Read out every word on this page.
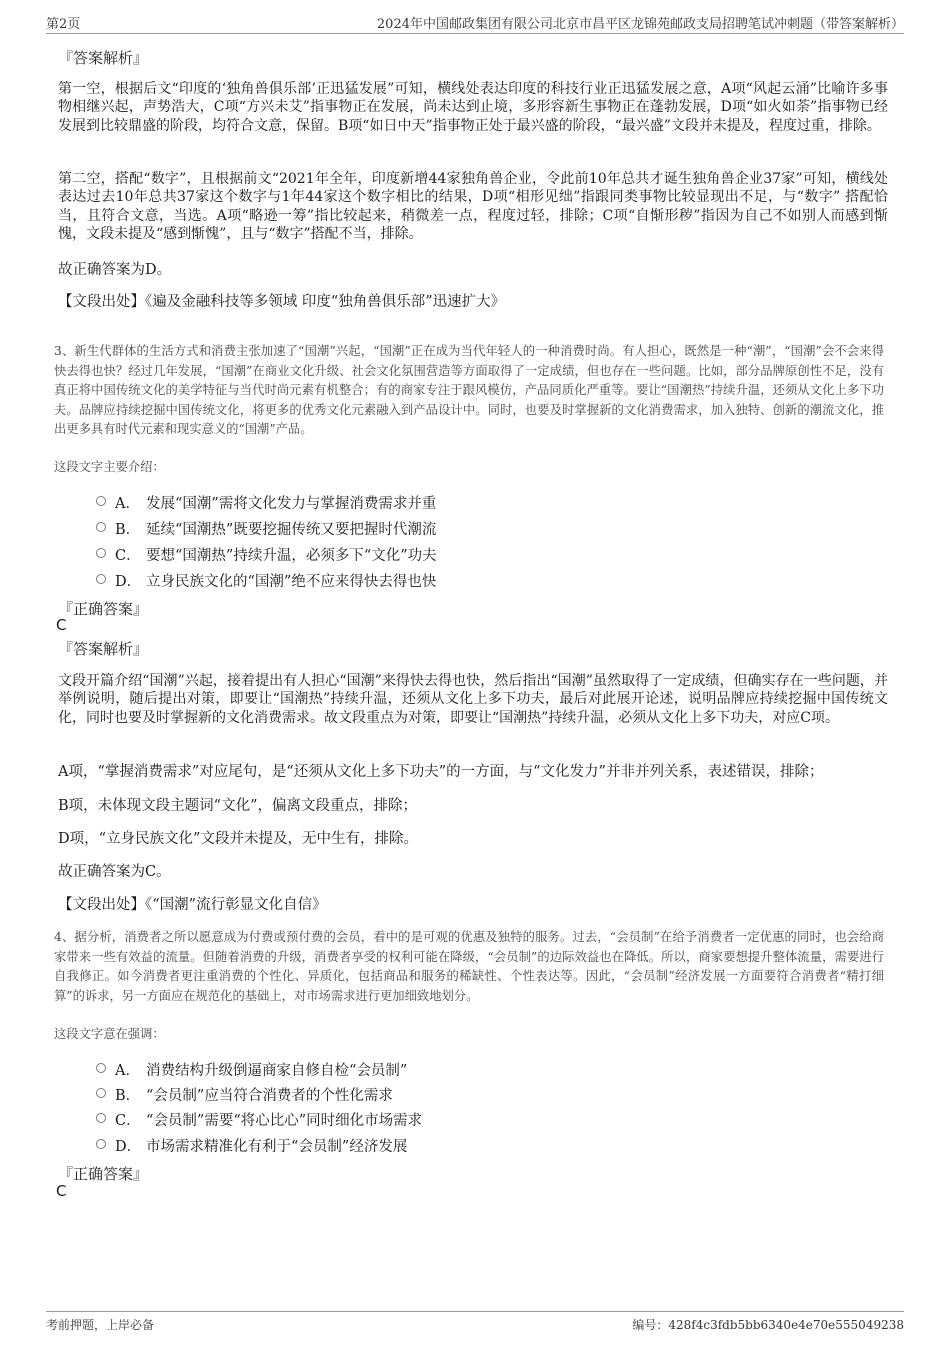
第2页	2024年中国邮政集团有限公司北京市昌平区龙锦苑邮政支局招聘笔试冲刺题（带答案解析）
『答案解析』
第一空，根据后文“印度的‘独角兽俱乐部’正迅猛发展”可知，横线处表达印度的科技行业正迅猛发展之意，A项“风起云涌”比喻许多事物相继兴起，声势浩大，C项“方兴未艾”指事物正在发展，尚未达到止境，多形容新生事物正在蓬勃发展，D项“如火如荼”指事物已经发展到比较鼎盛的阶段，均符合文意，保留。B项“如日中天”指事物正处于最兴盛的阶段，“最兴盛”文段并未提及，程度过重，排除。
第二空，搭配“数字”，且根据前文“2021年全年，印度新增44家独角兽企业，令此前10年总共才诞生独角兽企业37家”可知，横线处表达过去10年总共37家这个数字与1年44家这个数字相比的结果，D项“相形见绌”指跟同类事物比较显现出不足，与“数字” 搭配恰当，且符合文意，当选。A项“略逊一筹”指比较起来，稍微差一点，程度过轻，排除；C项“自惭形秽”指因为自己不如别人而感到惭愧，文段未提及“感到惭愧”，且与“数字”搭配不当，排除。
故正确答案为D。
【文段出处】《遍及金融科技等多领域 印度“独角兽俱乐部”迅速扩大》
3、新生代群体的生活方式和消费主张加速了“国潮”兴起，“国潮”正在成为当代年轻人的一种消费时尚。有人担心，既然是一种“潮”，“国潮”会不会来得快去得也快？经过几年发展，“国潮”在商业文化升级、社会文化氛围营造等方面取得了一定成绩，但也存在一些问题。比如，部分品牌原创性不足，没有真正将中国传统文化的美学特征与当代时尚元素有机整合；有的商家专注于跟风模仿，产品同质化严重等。要让“国潮热”持续升温，还须从文化上多下功夫。品牌应持续挖掘中国传统文化，将更多的优秀文化元素融入到产品设计中。同时，也要及时掌握新的文化消费需求，加入独特、创新的潮流文化，推出更多具有时代元素和现实意义的“国潮”产品。
这段文字主要介绍：
A． 发展“国潮”需将文化发力与掌握消费需求并重
B． 延续“国潮热”既要挖掘传统又要把握时代潮流
C． 要想“国潮热”持续升温，必须多下“文化”功夫
D． 立身民族文化的“国潮”绝不应来得快去得也快
『正确答案』
C
『答案解析』
文段开篇介绍“国潮”兴起，接着提出有人担心“国潮”来得快去得也快，然后指出“国潮”虽然取得了一定成绩，但确实存在一些问题，并举例说明，随后提出对策，即要让“国潮热”持续升温，还须从文化上多下功夫，最后对此展开论述，说明品牌应持续挖掘中国传统文化，同时也要及时掌握新的文化消费需求。故文段重点为对策，即要让“国潮热”持续升温，必须从文化上多下功夫，对应C项。
A项，“掌握消费需求”对应尾句，是“还须从文化上多下功夫”的一方面，与“文化发力”并非并列关系，表述错误，排除；
B项，未体现文段主题词“文化”，偏离文段重点，排除；
D项，“立身民族文化”文段并未提及，无中生有，排除。
故正确答案为C。
【文段出处】《“国潮”流行彰显文化自信》
4、据分析，消费者之所以愿意成为付费或预付费的会员，看中的是可观的优惠及独特的服务。过去，“会员制”在给予消费者一定优惠的同时，也会给商家带来一些有效益的流量。但随着消费的升级，消费者享受的权利可能在降级，“会员制”的边际效益也在降低。所以，商家要想提升整体流量，需要进行自我修正。如今消费者更注重消费的个性化、异质化，包括商品和服务的稀缺性、个性表达等。因此，“会员制”经济发展一方面要符合消费者“精打细算”的诉求，另一方面应在规范化的基础上，对市场需求进行更加细致地划分。
这段文字意在强调：
A． 消费结构升级倒逼商家自修自检“会员制”
B． “会员制”应当符合消费者的个性化需求
C． “会员制”需要“将心比心”同时细化市场需求
D． 市场需求精准化有利于“会员制”经济发展
『正确答案』
C
考前押题，上岸必备	编号：428f4c3fdb5bb6340e4e70e555049238
